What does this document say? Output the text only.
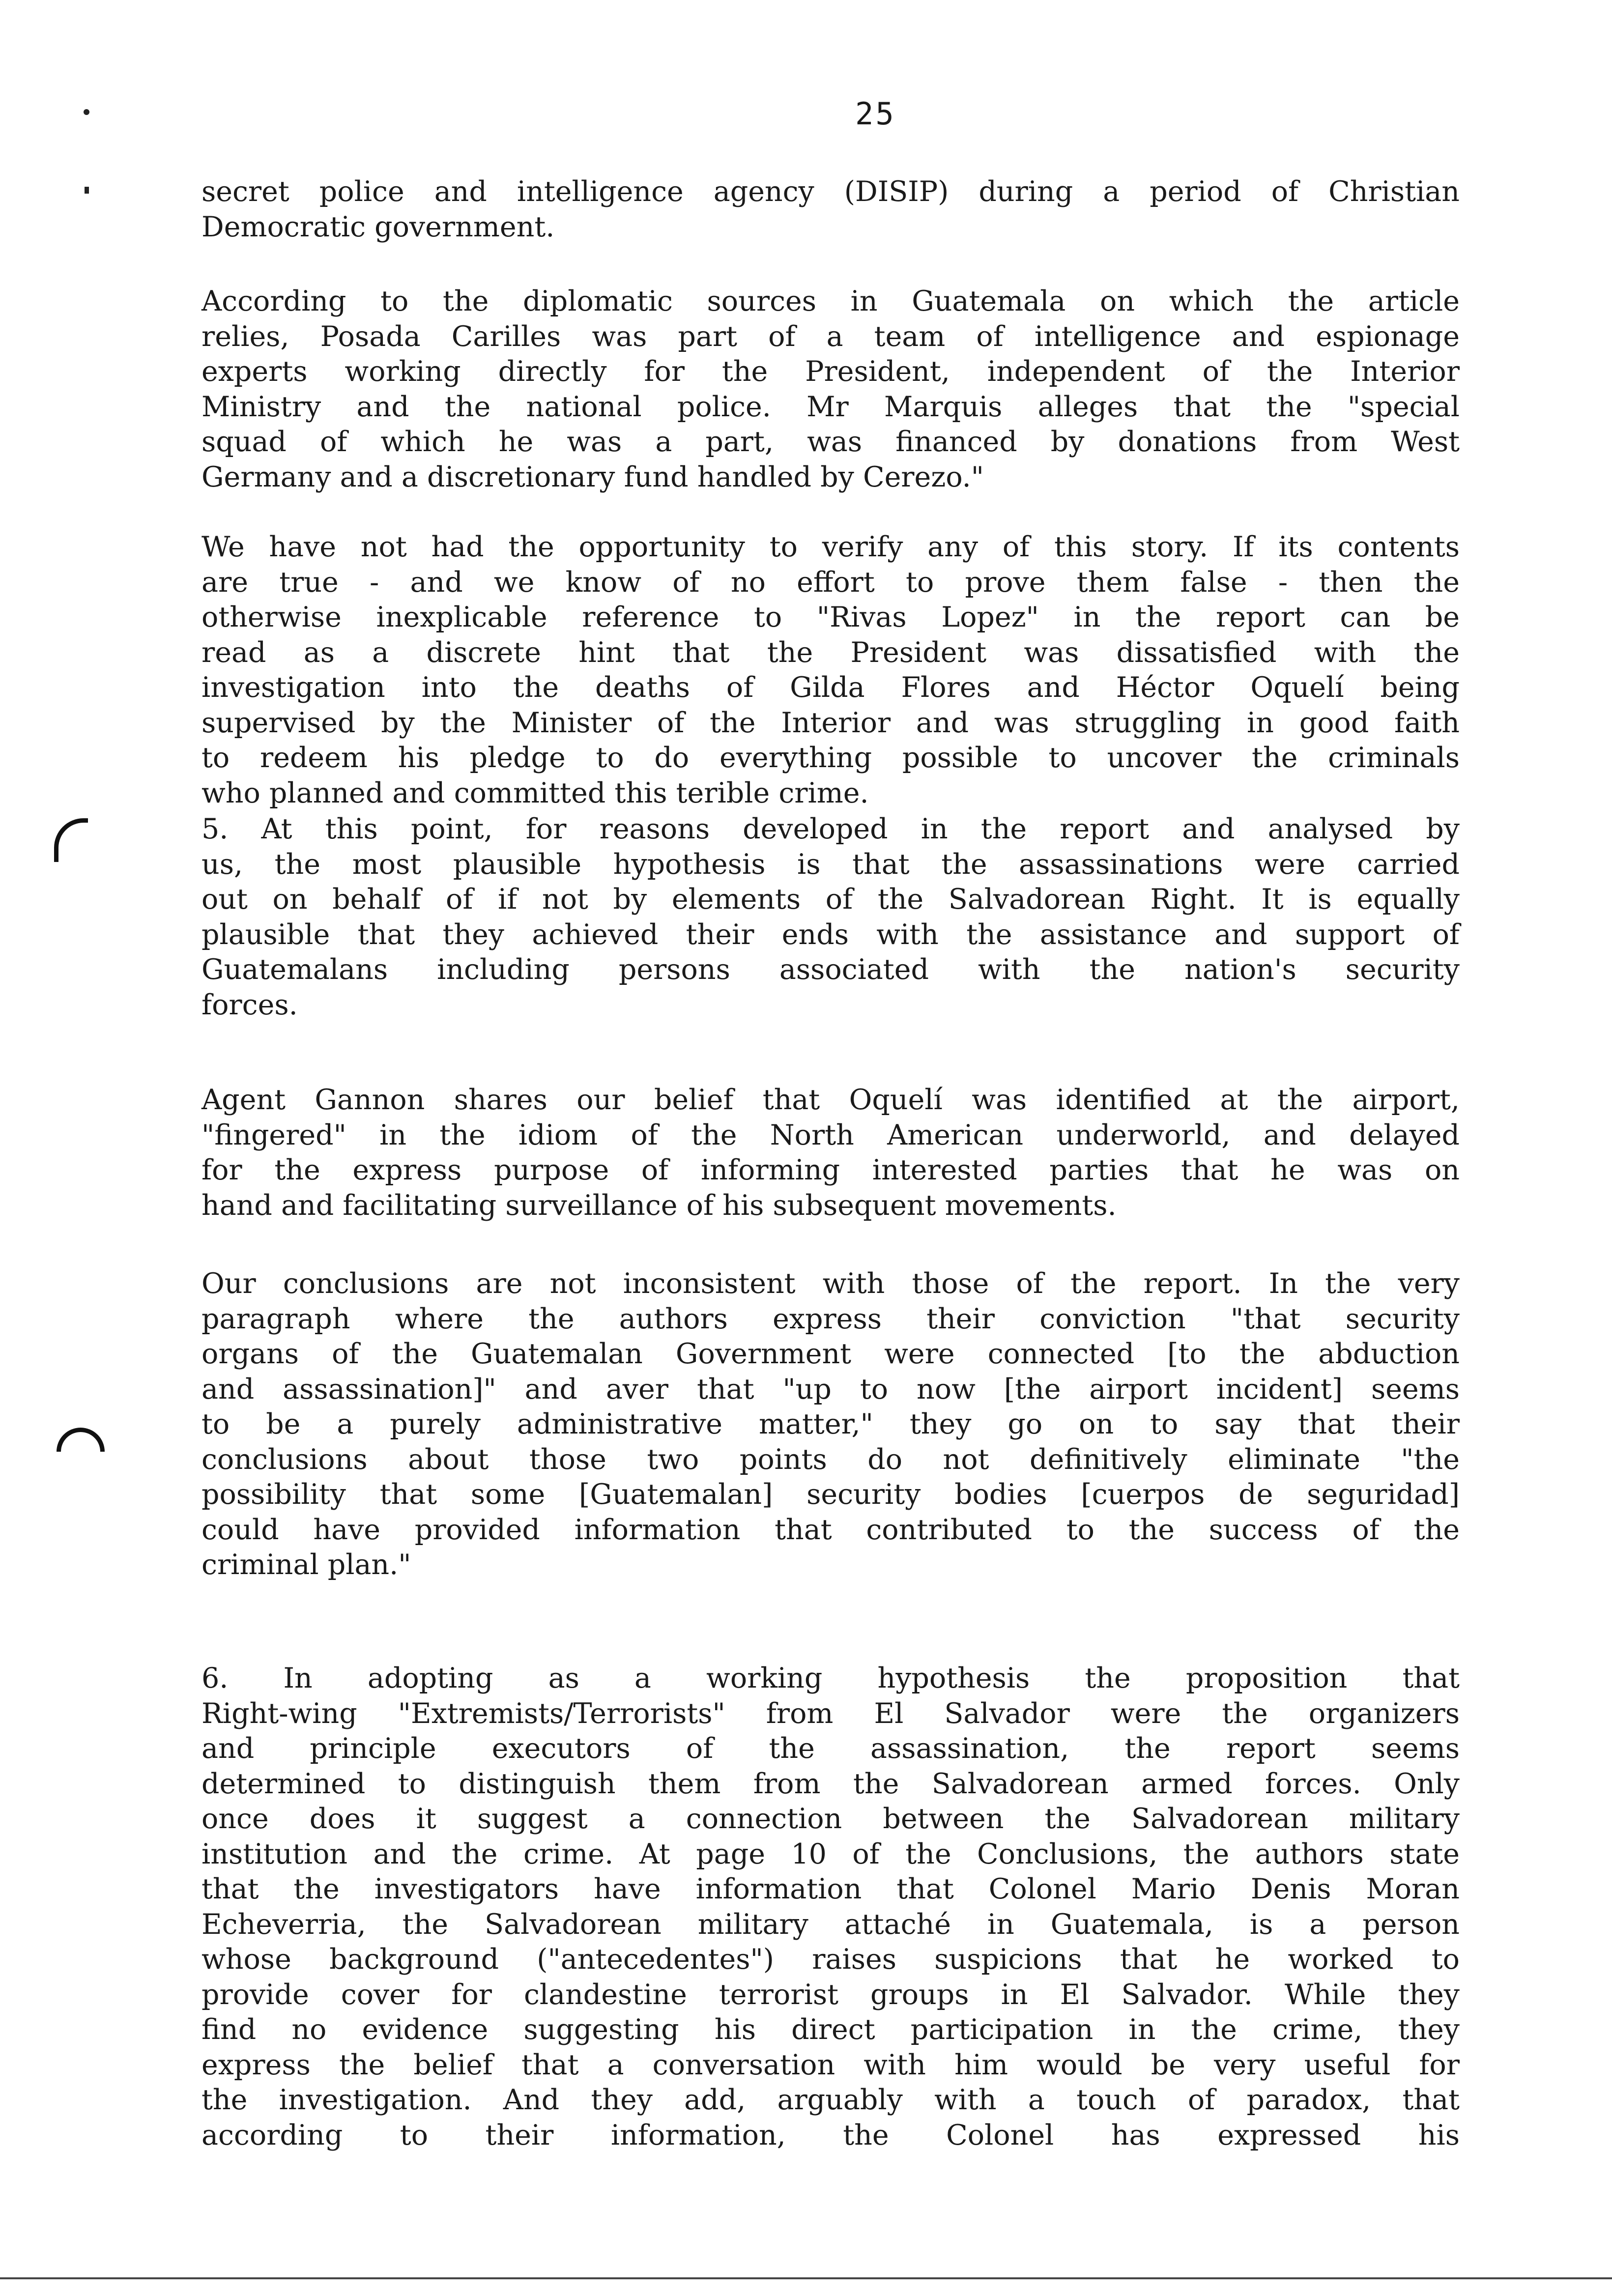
25
secret police and intelligence agency (DISIP) during a period of Christian
Democratic government.
According to the diplomatic sources in Guatemala on which the article
relies, Posada Carilles was part of a team of intelligence and espionage
experts working directly for the President, independent of the Interior
Ministry and the national police. Mr Marquis alleges that the "special
squad of which he was a part, was financed by donations from West
Germany and a discretionary fund handled by Cerezo."
We have not had the opportunity to verify any of this story. If its contents
are true - and we know of no effort to prove them false - then the
otherwise inexplicable reference to "Rivas Lopez" in the report can be
read as a discrete hint that the President was dissatisfied with the
investigation into the deaths of Gilda Flores and Héctor Oquelí being
supervised by the Minister of the Interior and was struggling in good faith
to redeem his pledge to do everything possible to uncover the criminals
who planned and committed this terible crime.
5. At this point, for reasons developed in the report and analysed by
us, the most plausible hypothesis is that the assassinations were carried
out on behalf of if not by elements of the Salvadorean Right. It is equally
plausible that they achieved their ends with the assistance and support of
Guatemalans including persons associated with the nation's security
forces.
Agent Gannon shares our belief that Oquelí was identified at the airport,
"fingered" in the idiom of the North American underworld, and delayed
for the express purpose of informing interested parties that he was on
hand and facilitating surveillance of his subsequent movements.
Our conclusions are not inconsistent with those of the report. In the very
paragraph where the authors express their conviction "that security
organs of the Guatemalan Government were connected [to the abduction
and assassination]" and aver that "up to now [the airport incident] seems
to be a purely administrative matter," they go on to say that their
conclusions about those two points do not definitively eliminate "the
possibility that some [Guatemalan] security bodies [cuerpos de seguridad]
could have provided information that contributed to the success of the
criminal plan."
6. In adopting as a working hypothesis the proposition that
Right-wing "Extremists/Terrorists" from El Salvador were the organizers
and principle executors of the assassination, the report seems
determined to distinguish them from the Salvadorean armed forces. Only
once does it suggest a connection between the Salvadorean military
institution and the crime. At page 10 of the Conclusions, the authors state
that the investigators have information that Colonel Mario Denis Moran
Echeverria, the Salvadorean military attaché in Guatemala, is a person
whose background ("antecedentes") raises suspicions that he worked to
provide cover for clandestine terrorist groups in El Salvador. While they
find no evidence suggesting his direct participation in the crime, they
express the belief that a conversation with him would be very useful for
the investigation. And they add, arguably with a touch of paradox, that
according to their information, the Colonel has expressed his
